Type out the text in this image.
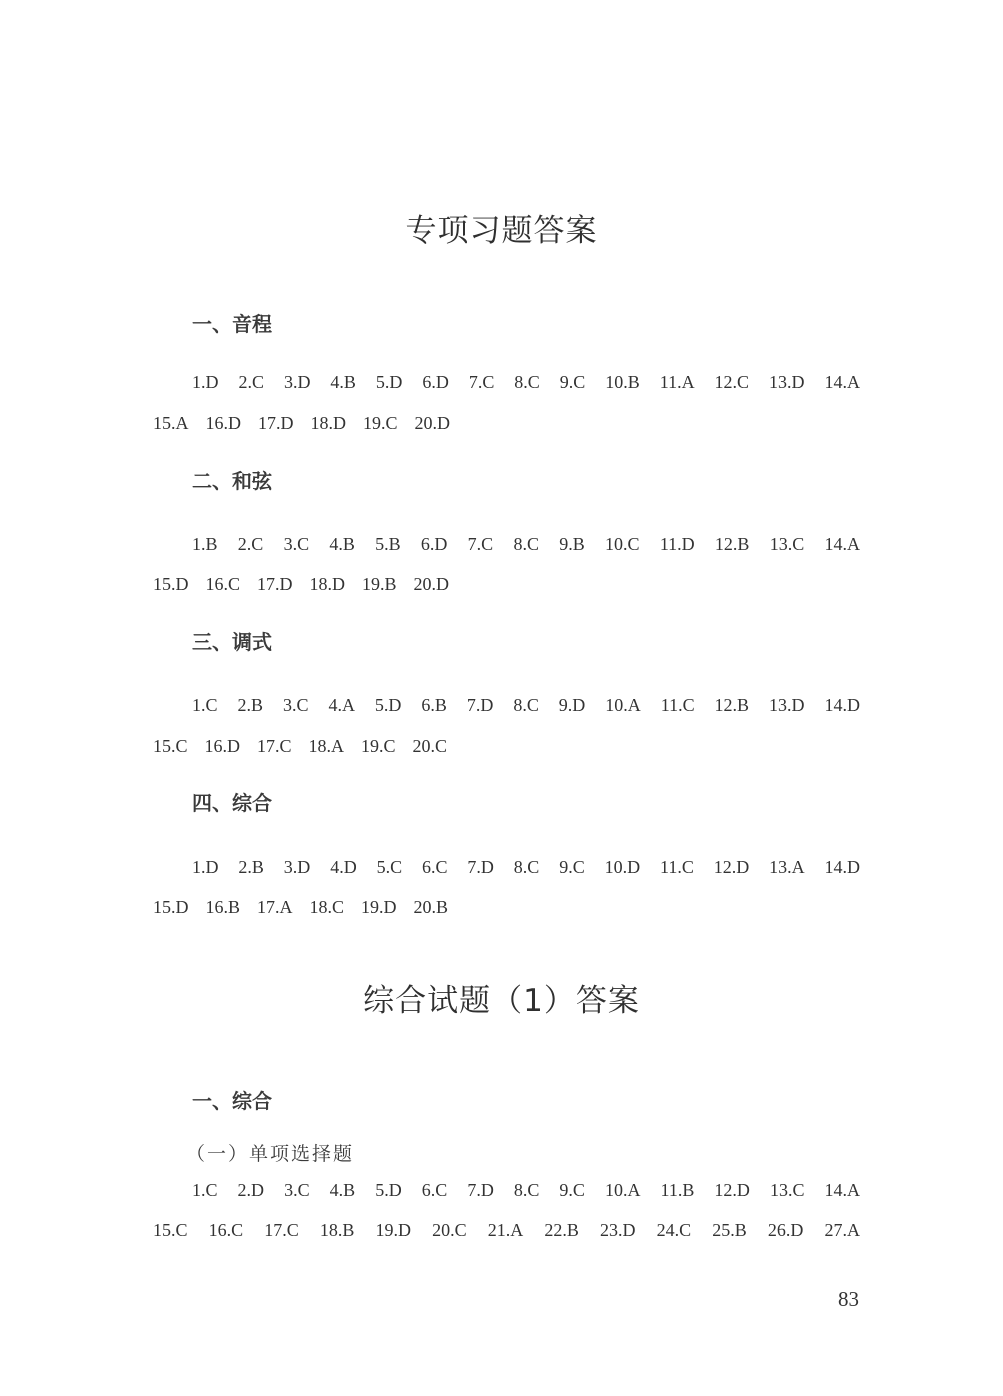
专项习题答案
一、音程
1.D 2.C 3.D 4.B 5.D 6.D 7.C 8.C 9.C 10.B 11.A 12.C 13.D 14.A
15.A 16.D 17.D 18.D 19.C 20.D
二、和弦
1.B 2.C 3.C 4.B 5.B 6.D 7.C 8.C 9.B 10.C 11.D 12.B 13.C 14.A
15.D 16.C 17.D 18.D 19.B 20.D
三、调式
1.C 2.B 3.C 4.A 5.D 6.B 7.D 8.C 9.D 10.A 11.C 12.B 13.D 14.D
15.C 16.D 17.C 18.A 19.C 20.C
四、综合
1.D 2.B 3.D 4.D 5.C 6.C 7.D 8.C 9.C 10.D 11.C 12.D 13.A 14.D
15.D 16.B 17.A 18.C 19.D 20.B
综合试题（1）答案
一、综合
（一）单项选择题
1.C 2.D 3.C 4.B 5.D 6.C 7.D 8.C 9.C 10.A 11.B 12.D 13.C 14.A
15.C 16.C 17.C 18.B 19.D 20.C 21.A 22.B 23.D 24.C 25.B 26.D 27.A
83
